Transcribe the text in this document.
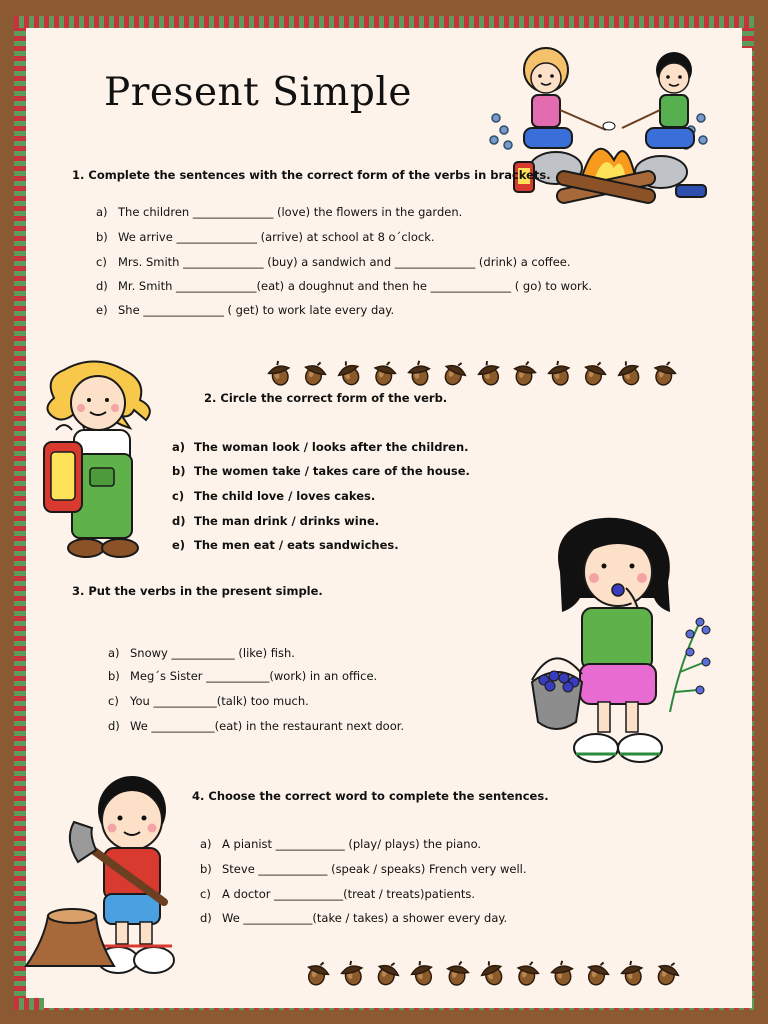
Present Simple
1. Complete the sentences with the correct form of the verbs in brackets.
a) The children ______________ (love) the flowers in the garden.
b) We arrive ______________ (arrive) at school at 8 o´clock.
c) Mrs. Smith ______________ (buy) a sandwich and ______________ (drink) a coffee.
d) Mr. Smith ______________(eat) a doughnut and then he ______________ ( go) to work.
e) She ______________ ( get) to work late every day.
2. Circle the correct form of the verb.
a) The woman look / looks after the children.
b) The women take / takes care of the house.
c) The child love / loves cakes.
d) The man drink / drinks wine.
e) The men eat / eats sandwiches.
3. Put the verbs in the present simple.
a) Snowy ___________ (like) fish.
b) Meg´s Sister ___________(work) in an office.
c) You ___________(talk) too much.
d) We ___________(eat) in the restaurant next door.
4. Choose the correct word to complete the sentences.
a) A pianist ____________ (play/ plays) the piano.
b) Steve ____________ (speak / speaks) French very well.
c) A doctor ____________(treat / treats)patients.
d) We ____________(take / takes) a shower every day.
